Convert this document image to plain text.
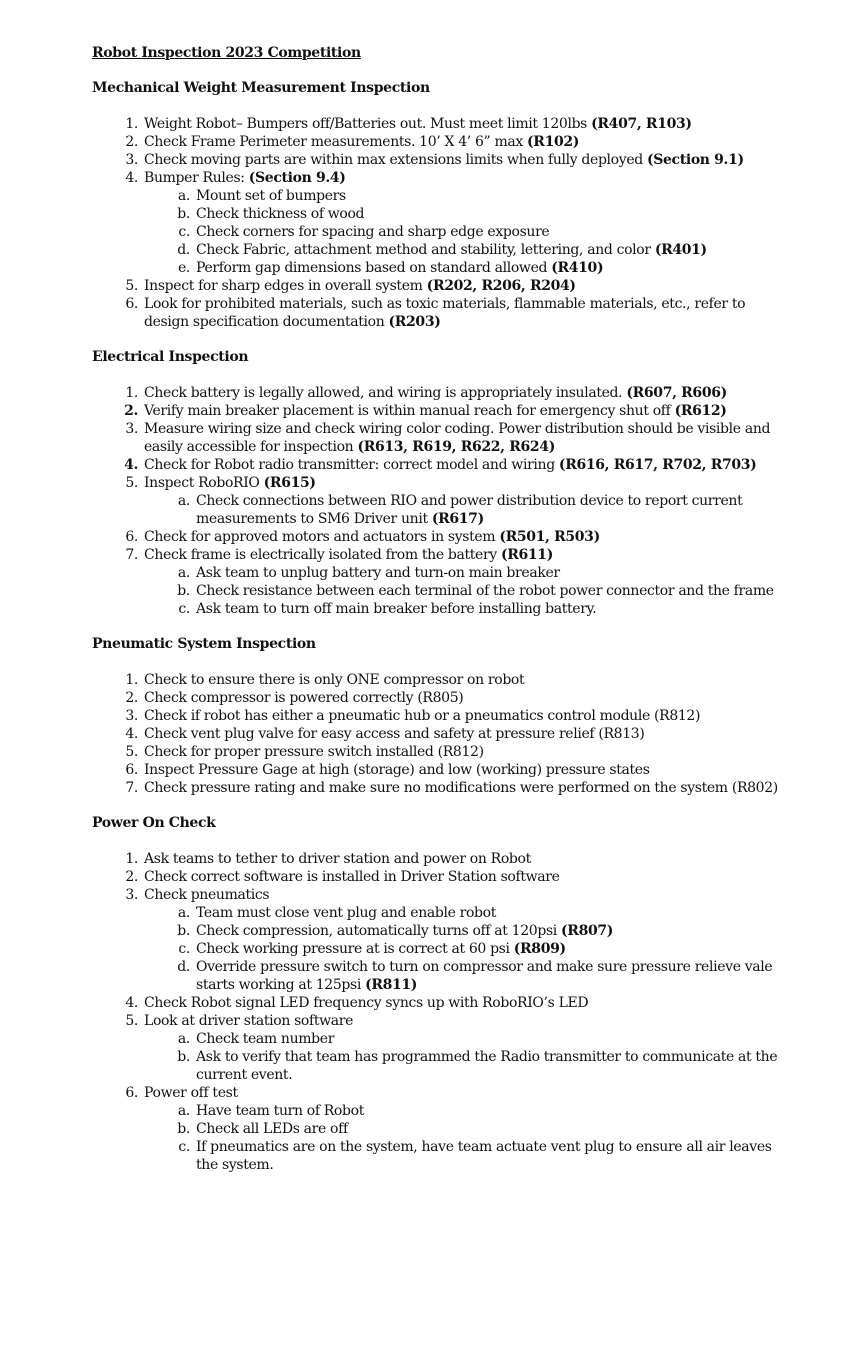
Robot Inspection 2023 Competition
Mechanical Weight Measurement Inspection
1. Weight Robot– Bumpers off/Batteries out. Must meet limit 120lbs (R407, R103)
2. Check Frame Perimeter measurements. 10’ X 4’ 6” max (R102)
3. Check moving parts are within max extensions limits when fully deployed (Section 9.1)
4. Bumper Rules: (Section 9.4)
a. Mount set of bumpers
b. Check thickness of wood
c. Check corners for spacing and sharp edge exposure
d. Check Fabric, attachment method and stability, lettering, and color (R401)
e. Perform gap dimensions based on standard allowed (R410)
5. Inspect for sharp edges in overall system (R202, R206, R204)
6. Look for prohibited materials, such as toxic materials, flammable materials, etc., refer to design specification documentation (R203)
Electrical Inspection
1. Check battery is legally allowed, and wiring is appropriately insulated. (R607, R606)
2. Verify main breaker placement is within manual reach for emergency shut off (R612)
3. Measure wiring size and check wiring color coding. Power distribution should be visible and easily accessible for inspection (R613, R619, R622, R624)
4. Check for Robot radio transmitter: correct model and wiring (R616, R617, R702, R703)
5. Inspect RoboRIO (R615)
a. Check connections between RIO and power distribution device to report current measurements to SM6 Driver unit (R617)
6. Check for approved motors and actuators in system (R501, R503)
7. Check frame is electrically isolated from the battery (R611)
a. Ask team to unplug battery and turn-on main breaker
b. Check resistance between each terminal of the robot power connector and the frame
c. Ask team to turn off main breaker before installing battery.
Pneumatic System Inspection
1. Check to ensure there is only ONE compressor on robot
2. Check compressor is powered correctly (R805)
3. Check if robot has either a pneumatic hub or a pneumatics control module (R812)
4. Check vent plug valve for easy access and safety at pressure relief (R813)
5. Check for proper pressure switch installed (R812)
6. Inspect Pressure Gage at high (storage) and low (working) pressure states
7. Check pressure rating and make sure no modifications were performed on the system (R802)
Power On Check
1. Ask teams to tether to driver station and power on Robot
2. Check correct software is installed in Driver Station software
3. Check pneumatics
a. Team must close vent plug and enable robot
b. Check compression, automatically turns off at 120psi (R807)
c. Check working pressure at is correct at 60 psi (R809)
d. Override pressure switch to turn on compressor and make sure pressure relieve vale starts working at 125psi (R811)
4. Check Robot signal LED frequency syncs up with RoboRIO’s LED
5. Look at driver station software
a. Check team number
b. Ask to verify that team has programmed the Radio transmitter to communicate at the current event.
6. Power off test
a. Have team turn of Robot
b. Check all LEDs are off
c. If pneumatics are on the system, have team actuate vent plug to ensure all air leaves the system.
